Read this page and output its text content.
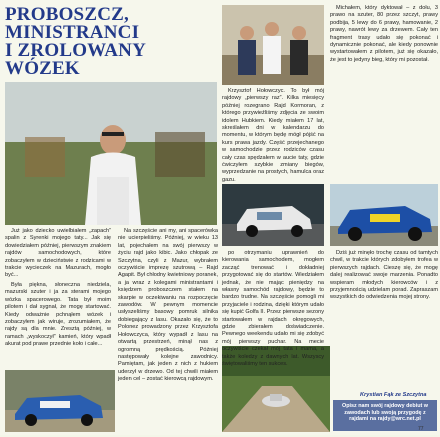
PROBOSZCZ,
MINISTRANCI
I ZROLOWANY WÓZEK

Już jako dziecko uwielbiałem „zapach” spalin z Syrenki mojego taty... Jak się dowiedziałem później, pierwszym znakiem rajdów samochodowych, które zobaczyłem w dzieciństwie z rodzicami w trakcie wycieczek na Mazurach, mogło być...

Była piękna, słoneczna niedziela, mazurski szuter i ja za sterami mojego wózka spacerowego. Tata był moim pilotem i dał sygnał, że mogę startować. Kiedy odważnie pchnąłem wózek i zobaczyłem jak wiruje, zrozumiałem, że rajdy są dla mnie. Zresztą później, w ramach „wyskoczył” kamień, który wpadł akurat pod prawe przednie koło i całe...

Na szczęście ani my, ani spacerówka nie ucierpieliśmy. Później, w wieku 13 lat, pojechałem na swój pierwszy w życiu rajd jako kibic. Jako chłopak ze Szczytna, czyli z Mazur, wybrałem oczywiście imprezę szutrową – Rajd Agapit. Był chłodny kwietniowy poranek, a ja wraz z kolegami ministrantami i księdzem proboszczem stałem na skarpie w oczekiwaniu na rozpoczęcie zawodów. W pewnym momencie usłyszeliśmy basowy pomruk silnika dobiegający z lasu. Okazało się, że to Polonez prowadzony przez Krzysztofa Hołowczyca, który wypadł z lasu na otwartą przestrzeń, minął nas z ogromną prędkością. Później następowały kolejne zawodnicy. Pamiętam, jak jeden z nich z hukiem uderzył w drzewo. Od tej chwili miałem jeden cel – zostać kierowcą rajdowym.

Krzysztof Hołowczyc. To był mój rajdowy „pierwszy raz”. Kilka miesięcy później rozegrano Rajd Kormoran, z którego przywieźliśmy zdjęcia ze swoim idolem Hubkiem. Kiedy miałem 17 lat, skreślałem dni w kalendarzu do momentu, w którym będę mógł pójść na kurs prawa jazdy. Część przejechanego w samochodzie przez rodziców czasu cały czas spędzałem w aucie taty, gdzie ćwiczyłem szybkie zmiany biegów, wyprzedzanie na prostych, hamulca oraz gazu.

Michałem, który dyktował – z dołu, 3 prawo na szuter, 80 przez szczyt, prawy podbija, 5 lewy do 6 prawy, hamowanie, 2 prawy, nawrót lewy za drzewem. Cały ten fragment trasy udało się pokonać i dynamicznie pokonać, ale kiedy ponownie wystartowałem z pilotem, już się okazało, że jest to jedyny bieg, który mi pozostał.

po otrzymaniu uprawnień do kierowania samochodem, mogłem zacząć trenować i dokładniej przygotować się do startów. Wiedziałem jednak, że nie mając pieniędzy na własny samochód rajdowy, będzie to bardzo trudne. Na szczęście pomogli mi przyjaciele i rodzina, dzięki którym udało się kupić Golfa II. Przez pierwsze sezony startowałem w rajdach okręgowych, gdzie zbierałem doświadczenie. Pewnego weekendu udało mi się zdobyć mój pierwszy puchar. Na mecie oczywiście czekał mój tata i mama, a także koledzy z dawnych lat. Wszyscy świętowaliśmy ten sukces.

Dziś już minęło trochę czasu od tamtych chwil, w trakcie których zdobyłem trofea w pierwszych rajdach. Cieszę się, że mogę dalej realizować swoje marzenia. Ponadto wspieram młodych kierowców i z przyjemnością udzielam porad. Zapraszam wszystkich do odwiedzenia mojej strony.

Krystian Fąk ze Szczytna
Opisz nam swój rajdowy debiut w zawodach lub swoją przygodę z rajdami na rajdy@wrc.net.pl
77
